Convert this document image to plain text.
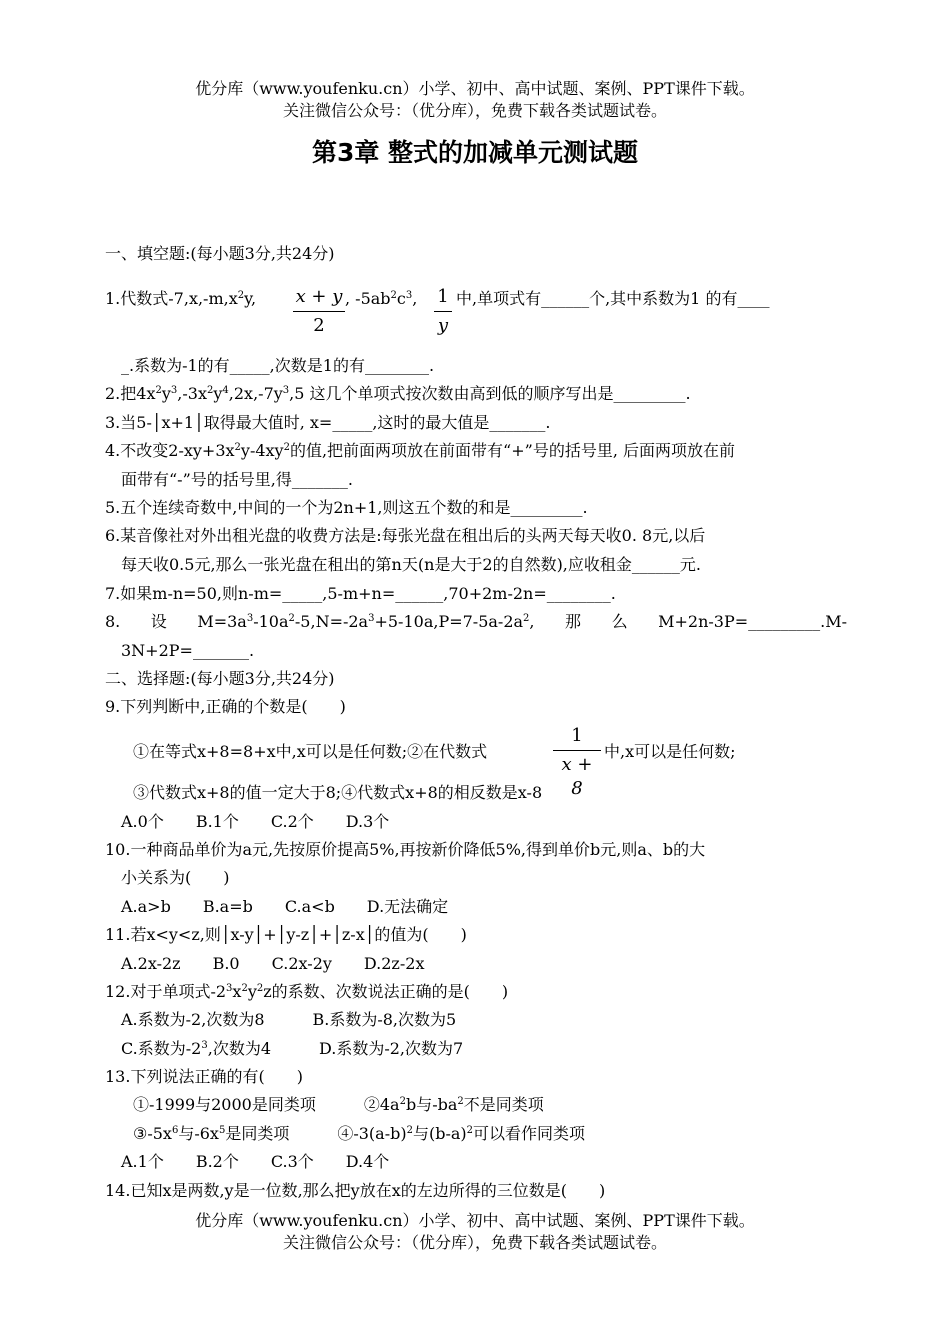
优分库（www.youfenku.cn）小学、初中、高中试题、案例、PPT课件下载。
关注微信公众号：（优分库），免费下载各类试题试卷。
第3章 整式的加减单元测试题
一、填空题:(每小题3分,共24分)
1.代数式$-7,x,-m,x^2y$, x + y
2
, $-5ab^2c^3$, 1
y
中,单项式有______个,其中系数为1 的有____
_.系数为-1的有_____,次数是1的有________.
2.把$4x^2y^3,-3x^2y^4,2x,-7y^3,5$ 这几个单项式按次数由高到低的顺序写出是_________.
3.当5-│x+1│取得最大值时, x=_____,这时的最大值是_______.
4.不改变$2-xy+3x^2y-4xy^2$的值,把前面两项放在前面带有“+”号的括号里, 后面两项放在前
面带有“-”号的括号里,得_______.
5.五个连续奇数中,中间的一个为2n+1,则这五个数的和是_________.
6.某音像社对外出租光盘的收费方法是:每张光盘在租出后的头两天每天收0. 8元,以后
每天收0.5元,那么一张光盘在租出的第n天(n是大于2的自然数),应收租金______元.
7.如果m-n=50,则n-m=_____,5-m+n=______,70+2m-2n=________.
8. 设 $M=3a^3-10a^2-5,N=-2a^3+5-10a,P=7-5a-2a^2$, 那 么 M+2n-3P=_________.M-
3N+2P=_______.
二、选择题:(每小题3分,共24分)
9.下列判断中,正确的个数是(　　)
①在等式x+8=8+x中,x可以是任何数;②在代数式
1
x + 8
中,x可以是任何数;
③代数式x+8的值一定大于8;④代数式x+8的相反数是x-8
A.0个　　B.1个　　C.2个　　D.3个
10.一种商品单价为a元,先按原价提高5%,再按新价降低5%,得到单价b元,则a、b的大
小关系为(　　)
A.a>b　　B.a=b　　C.a<b　　D.无法确定
11.若x<y<z,则│x-y│+│y-z│+│z-x│的值为(　　)
A.2x-2z　　B.0　　C.2x-2y　　D.2z-2x
12.对于单项式$-2^3x^2y^2z$的系数、次数说法正确的是(　　)
A.系数为-2,次数为8　　　B.系数为-8,次数为5
C.系数为$-2^3$,次数为4　　　D.系数为-2,次数为7
13.下列说法正确的有(　　)
①-1999与2000是同类项　　　$②4a^2b$与$-ba^2$不是同类项
$③-5x^6$与$-6x^5$是同类项　　　$④-3(a-b)^2$与$(b-a)^2$可以看作同类项
A.1个　　B.2个　　C.3个　　D.4个
14.已知x是两数,y是一位数,那么把y放在x的左边所得的三位数是(　　)
优分库（www.youfenku.cn）小学、初中、高中试题、案例、PPT课件下载。
关注微信公众号：（优分库），免费下载各类试题试卷。
